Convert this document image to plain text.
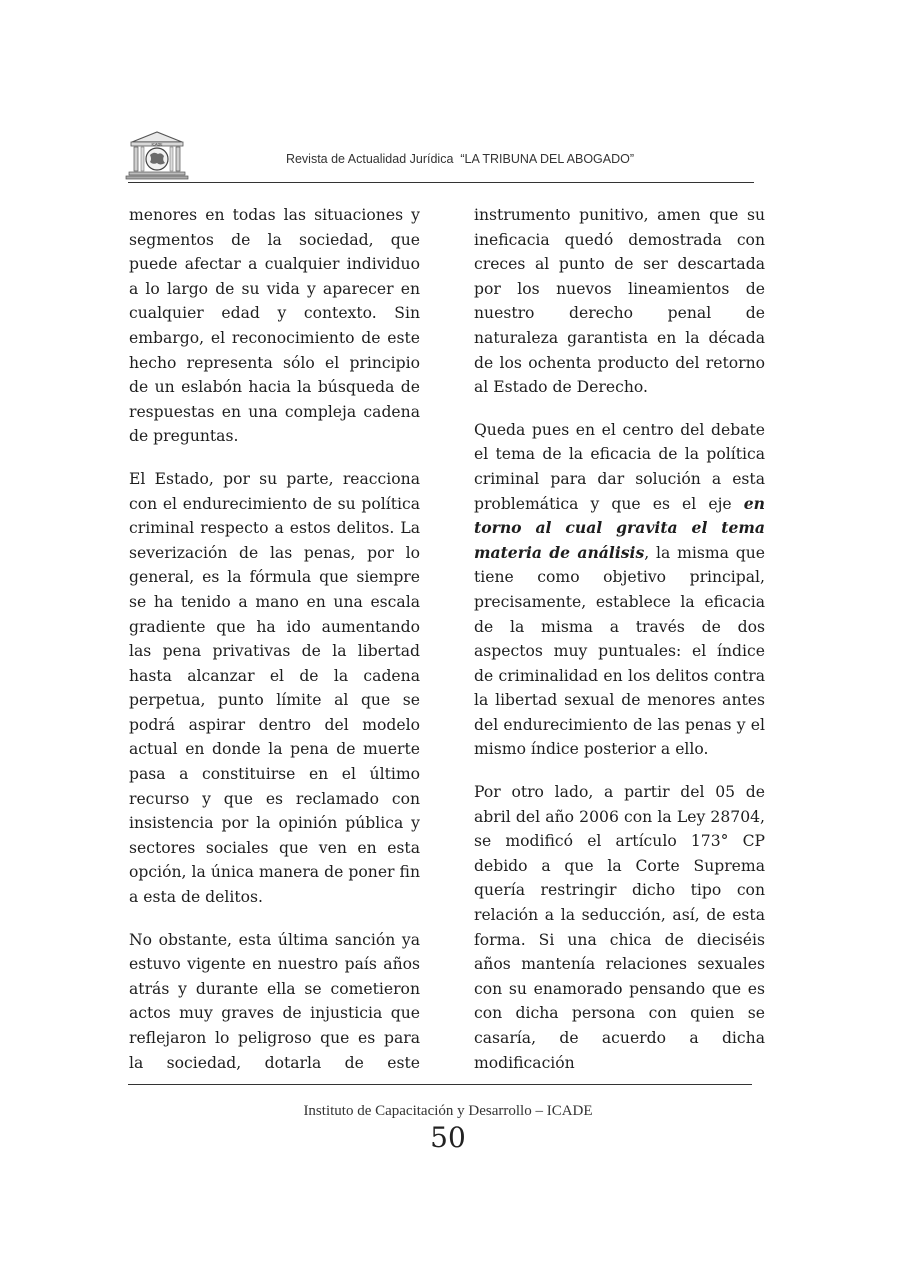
ICADE
Revista de Actualidad Jurídica  “LA TRIBUNA DEL ABOGADO”

menores en todas las situaciones y segmentos de la sociedad, que puede afectar a cualquier individuo a lo largo de su vida y aparecer en cualquier edad y contexto. Sin embargo, el reconocimiento de este hecho representa sólo el principio de un eslabón hacia la búsqueda de respuestas en una compleja cadena de preguntas.

El Estado, por su parte, reacciona con el endurecimiento de su política criminal respecto a estos delitos. La severización de las penas, por lo general, es la fórmula que siempre se ha tenido a mano en una escala gradiente que ha ido aumentando las pena privativas de la libertad hasta alcanzar el de la cadena perpetua, punto límite al que se podrá aspirar dentro del modelo actual en donde la pena de muerte pasa a constituirse en el último recurso y que es reclamado con insistencia por la opinión pública y sectores sociales que ven en esta opción, la única manera de poner fin a esta de delitos.

No obstante, esta última sanción ya estuvo vigente en nuestro país años atrás y durante ella se cometieron actos muy graves de injusticia que reflejaron lo peligroso que es para la sociedad, dotarla de este

instrumento punitivo, amen que su ineficacia quedó demostrada con creces al punto de ser descartada por los nuevos lineamientos de nuestro derecho penal de naturaleza garantista en la década de los ochenta producto del retorno al Estado de Derecho.

Queda pues en el centro del debate el tema de la eficacia de la política criminal para dar solución a esta problemática y que es el eje en torno al cual gravita el tema materia de análisis, la misma que tiene como objetivo principal, precisamente, establece la eficacia de la misma a través de dos aspectos muy puntuales: el índice de criminalidad en los delitos contra la libertad sexual de menores antes del endurecimiento de las penas y el mismo índice posterior a ello.

Por otro lado, a partir del 05 de abril del año 2006 con la Ley 28704, se modificó el artículo 173° CP debido a que la Corte Suprema quería restringir dicho tipo con relación a la seducción, así, de esta forma. Si una chica de dieciséis años mantenía relaciones sexuales con su enamorado pensando que es con dicha persona con quien se casaría, de acuerdo a dicha modificación

Instituto de Capacitación y Desarrollo – ICADE
50
